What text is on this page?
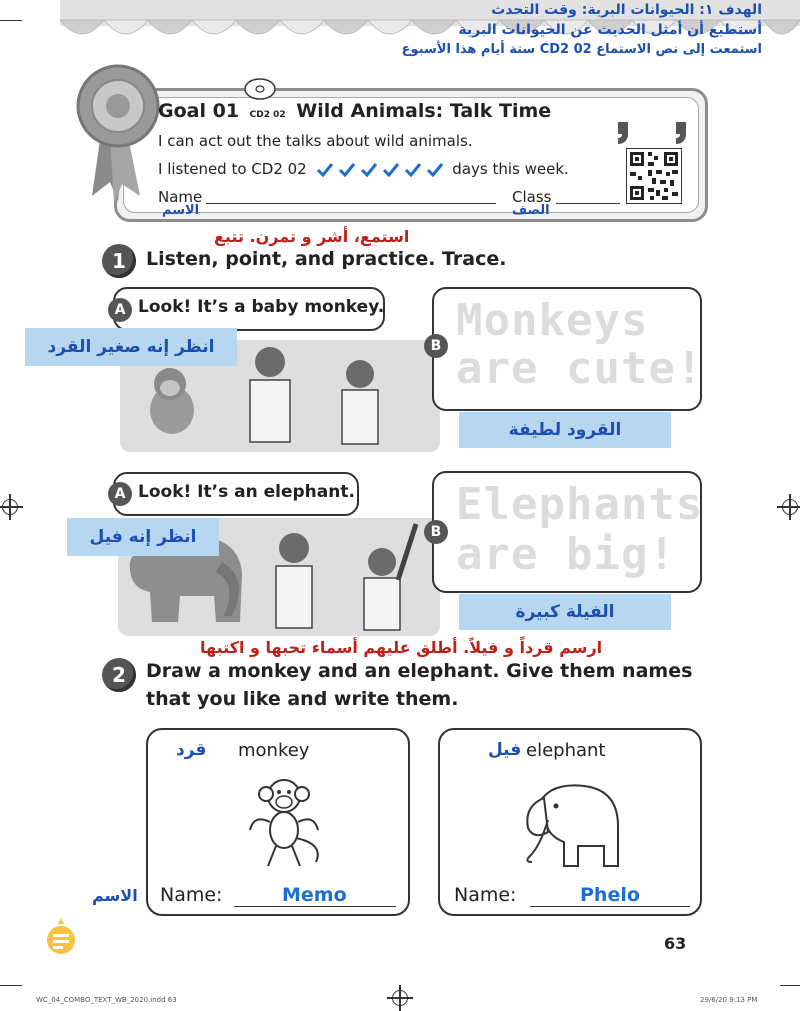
الهدف ١: الحيوانات البرية: وقت التحدث
أستطيع أن أمثل الحديث عن الحيوانات البرية
استمعت إلى نص الاستماع CD2 02 ستة أيام هذا الأسبوع
Goal 01 CD2 02 Wild Animals: Talk Time
I can act out the talks about wild animals.
I listened to CD2 02	days this week.
Name
الاسم
Class
الصف
استمع، أشر و تمرن. تتبع
1	Listen, point, and practice. Trace.
A Look! It’s a baby monkey.
انظر إنه صغير القرد	B Monkeys
are cute!
القرود لطيفة
A Look! It’s an elephant.
انظر إنه فيل	B
Elephants
are big!
الفيلة كبيرة
ارسم قرداً و فيلاً. أطلق عليهم أسماء تحبها و اكتبها
2	Draw a monkey and an elephant. Give them names
that you like and write them.
قرد monkey
Name:	Memo
فيل elephant
Name:	Phelo
الاسم
63
WC_04_COMBO_TEXT_WB_2020.indd 63	29/6/20 9:13 PM
